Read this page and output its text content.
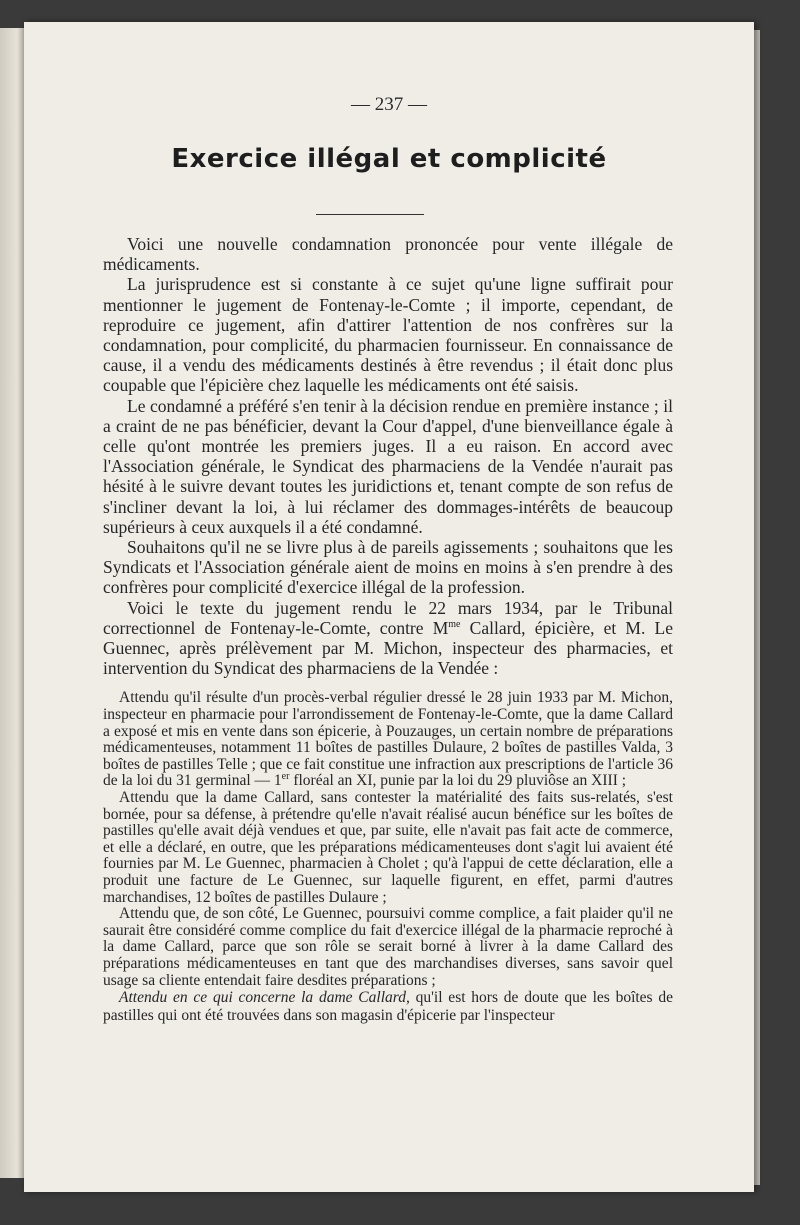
— 237 —
Exercice illégal et complicité

Voici une nouvelle condamnation prononcée pour vente illégale de médicaments.

La jurisprudence est si constante à ce sujet qu'une ligne suffirait pour mentionner le jugement de Fontenay-le-Comte ; il importe, cependant, de reproduire ce jugement, afin d'attirer l'attention de nos confrères sur la condamnation, pour complicité, du pharmacien fournisseur. En connaissance de cause, il a vendu des médicaments destinés à être revendus ; il était donc plus coupable que l'épicière chez laquelle les médicaments ont été saisis.

Le condamné a préféré s'en tenir à la décision rendue en première instance ; il a craint de ne pas bénéficier, devant la Cour d'appel, d'une bienveillance égale à celle qu'ont montrée les premiers juges. Il a eu raison. En accord avec l'Association générale, le Syndicat des pharmaciens de la Vendée n'aurait pas hésité à le suivre devant toutes les juridictions et, tenant compte de son refus de s'incliner devant la loi, à lui réclamer des dommages-intérêts de beaucoup supérieurs à ceux auxquels il a été condamné.

Souhaitons qu'il ne se livre plus à de pareils agissements ; souhaitons que les Syndicats et l'Association générale aient de moins en moins à s'en prendre à des confrères pour complicité d'exercice illégal de la profession.

Voici le texte du jugement rendu le 22 mars 1934, par le Tribunal correctionnel de Fontenay-le-Comte, contre $M^{me}$ Callard, épicière, et M. Le Guennec, après prélèvement par M. Michon, inspecteur des pharmacies, et intervention du Syndicat des pharmaciens de la Vendée :

Attendu qu'il résulte d'un procès-verbal régulier dressé le 28 juin 1933 par M. Michon, inspecteur en pharmacie pour l'arrondissement de Fontenay-le-Comte, que la dame Callard a exposé et mis en vente dans son épicerie, à Pouzauges, un certain nombre de préparations médicamenteuses, notamment 11 boîtes de pastilles Dulaure, 2 boîtes de pastilles Valda, 3 boîtes de pastilles Telle ; que ce fait constitue une infraction aux prescriptions de l'article 36 de la loi du 31 germinal — 1er floréal an XI, punie par la loi du 29 pluviôse an XIII ;

Attendu que la dame Callard, sans contester la matérialité des faits sus-relatés, s'est bornée, pour sa défense, à prétendre qu'elle n'avait réalisé aucun bénéfice sur les boîtes de pastilles qu'elle avait déjà vendues et que, par suite, elle n'avait pas fait acte de commerce, et elle a déclaré, en outre, que les préparations médicamenteuses dont s'agit lui avaient été fournies par M. Le Guennec, pharmacien à Cholet ; qu'à l'appui de cette déclaration, elle a produit une facture de Le Guennec, sur laquelle figurent, en effet, parmi d'autres marchandises, 12 boîtes de pastilles Dulaure ;

Attendu que, de son côté, Le Guennec, poursuivi comme complice, a fait plaider qu'il ne saurait être considéré comme complice du fait d'exercice illégal de la pharmacie reproché à la dame Callard, parce que son rôle se serait borné à livrer à la dame Callard des préparations médicamenteuses en tant que des marchandises diverses, sans savoir quel usage sa cliente entendait faire desdites préparations ;

Attendu en ce qui concerne la dame Callard, qu'il est hors de doute que les boîtes de pastilles qui ont été trouvées dans son magasin d'épicerie par l'inspecteur
